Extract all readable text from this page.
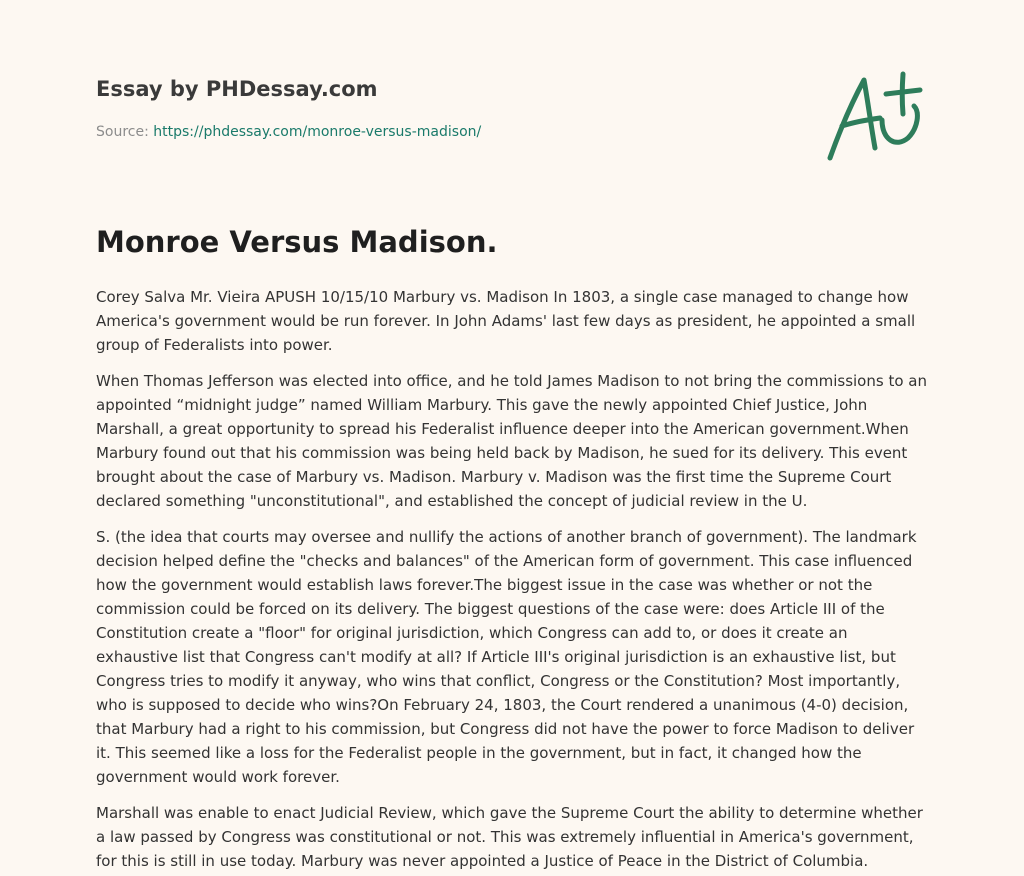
Essay by PHDessay.com
Source: https://phdessay.com/monroe-versus-madison/
Monroe Versus Madison.

Corey Salva Mr. Vieira APUSH 10/15/10 Marbury vs. Madison In 1803, a single case managed to change how America's government would be run forever. In John Adams' last few days as president, he appointed a small group of Federalists into power.

When Thomas Jefferson was elected into office, and he told James Madison to not bring the commissions to an appointed “midnight judge” named William Marbury. This gave the newly appointed Chief Justice, John Marshall, a great opportunity to spread his Federalist influence deeper into the American government.When Marbury found out that his commission was being held back by Madison, he sued for its delivery. This event brought about the case of Marbury vs. Madison. Marbury v. Madison was the first time the Supreme Court declared something "unconstitutional", and established the concept of judicial review in the U.

S. (the idea that courts may oversee and nullify the actions of another branch of government). The landmark decision helped define the "checks and balances" of the American form of government. This case influenced how the government would establish laws forever.The biggest issue in the case was whether or not the commission could be forced on its delivery. The biggest questions of the case were: does Article III of the Constitution create a "floor" for original jurisdiction, which Congress can add to, or does it create an exhaustive list that Congress can't modify at all? If Article III's original jurisdiction is an exhaustive list, but Congress tries to modify it anyway, who wins that conflict, Congress or the Constitution? Most importantly, who is supposed to decide who wins?On February 24, 1803, the Court rendered a unanimous (4-0) decision, that Marbury had a right to his commission, but Congress did not have the power to force Madison to deliver it. This seemed like a loss for the Federalist people in the government, but in fact, it changed how the government would work forever.

Marshall was enable to enact Judicial Review, which gave the Supreme Court the ability to determine whether a law passed by Congress was constitutional or not. This was extremely influential in America's government, for this is still in use today. Marbury was never appointed a Justice of Peace in the District of Columbia.
